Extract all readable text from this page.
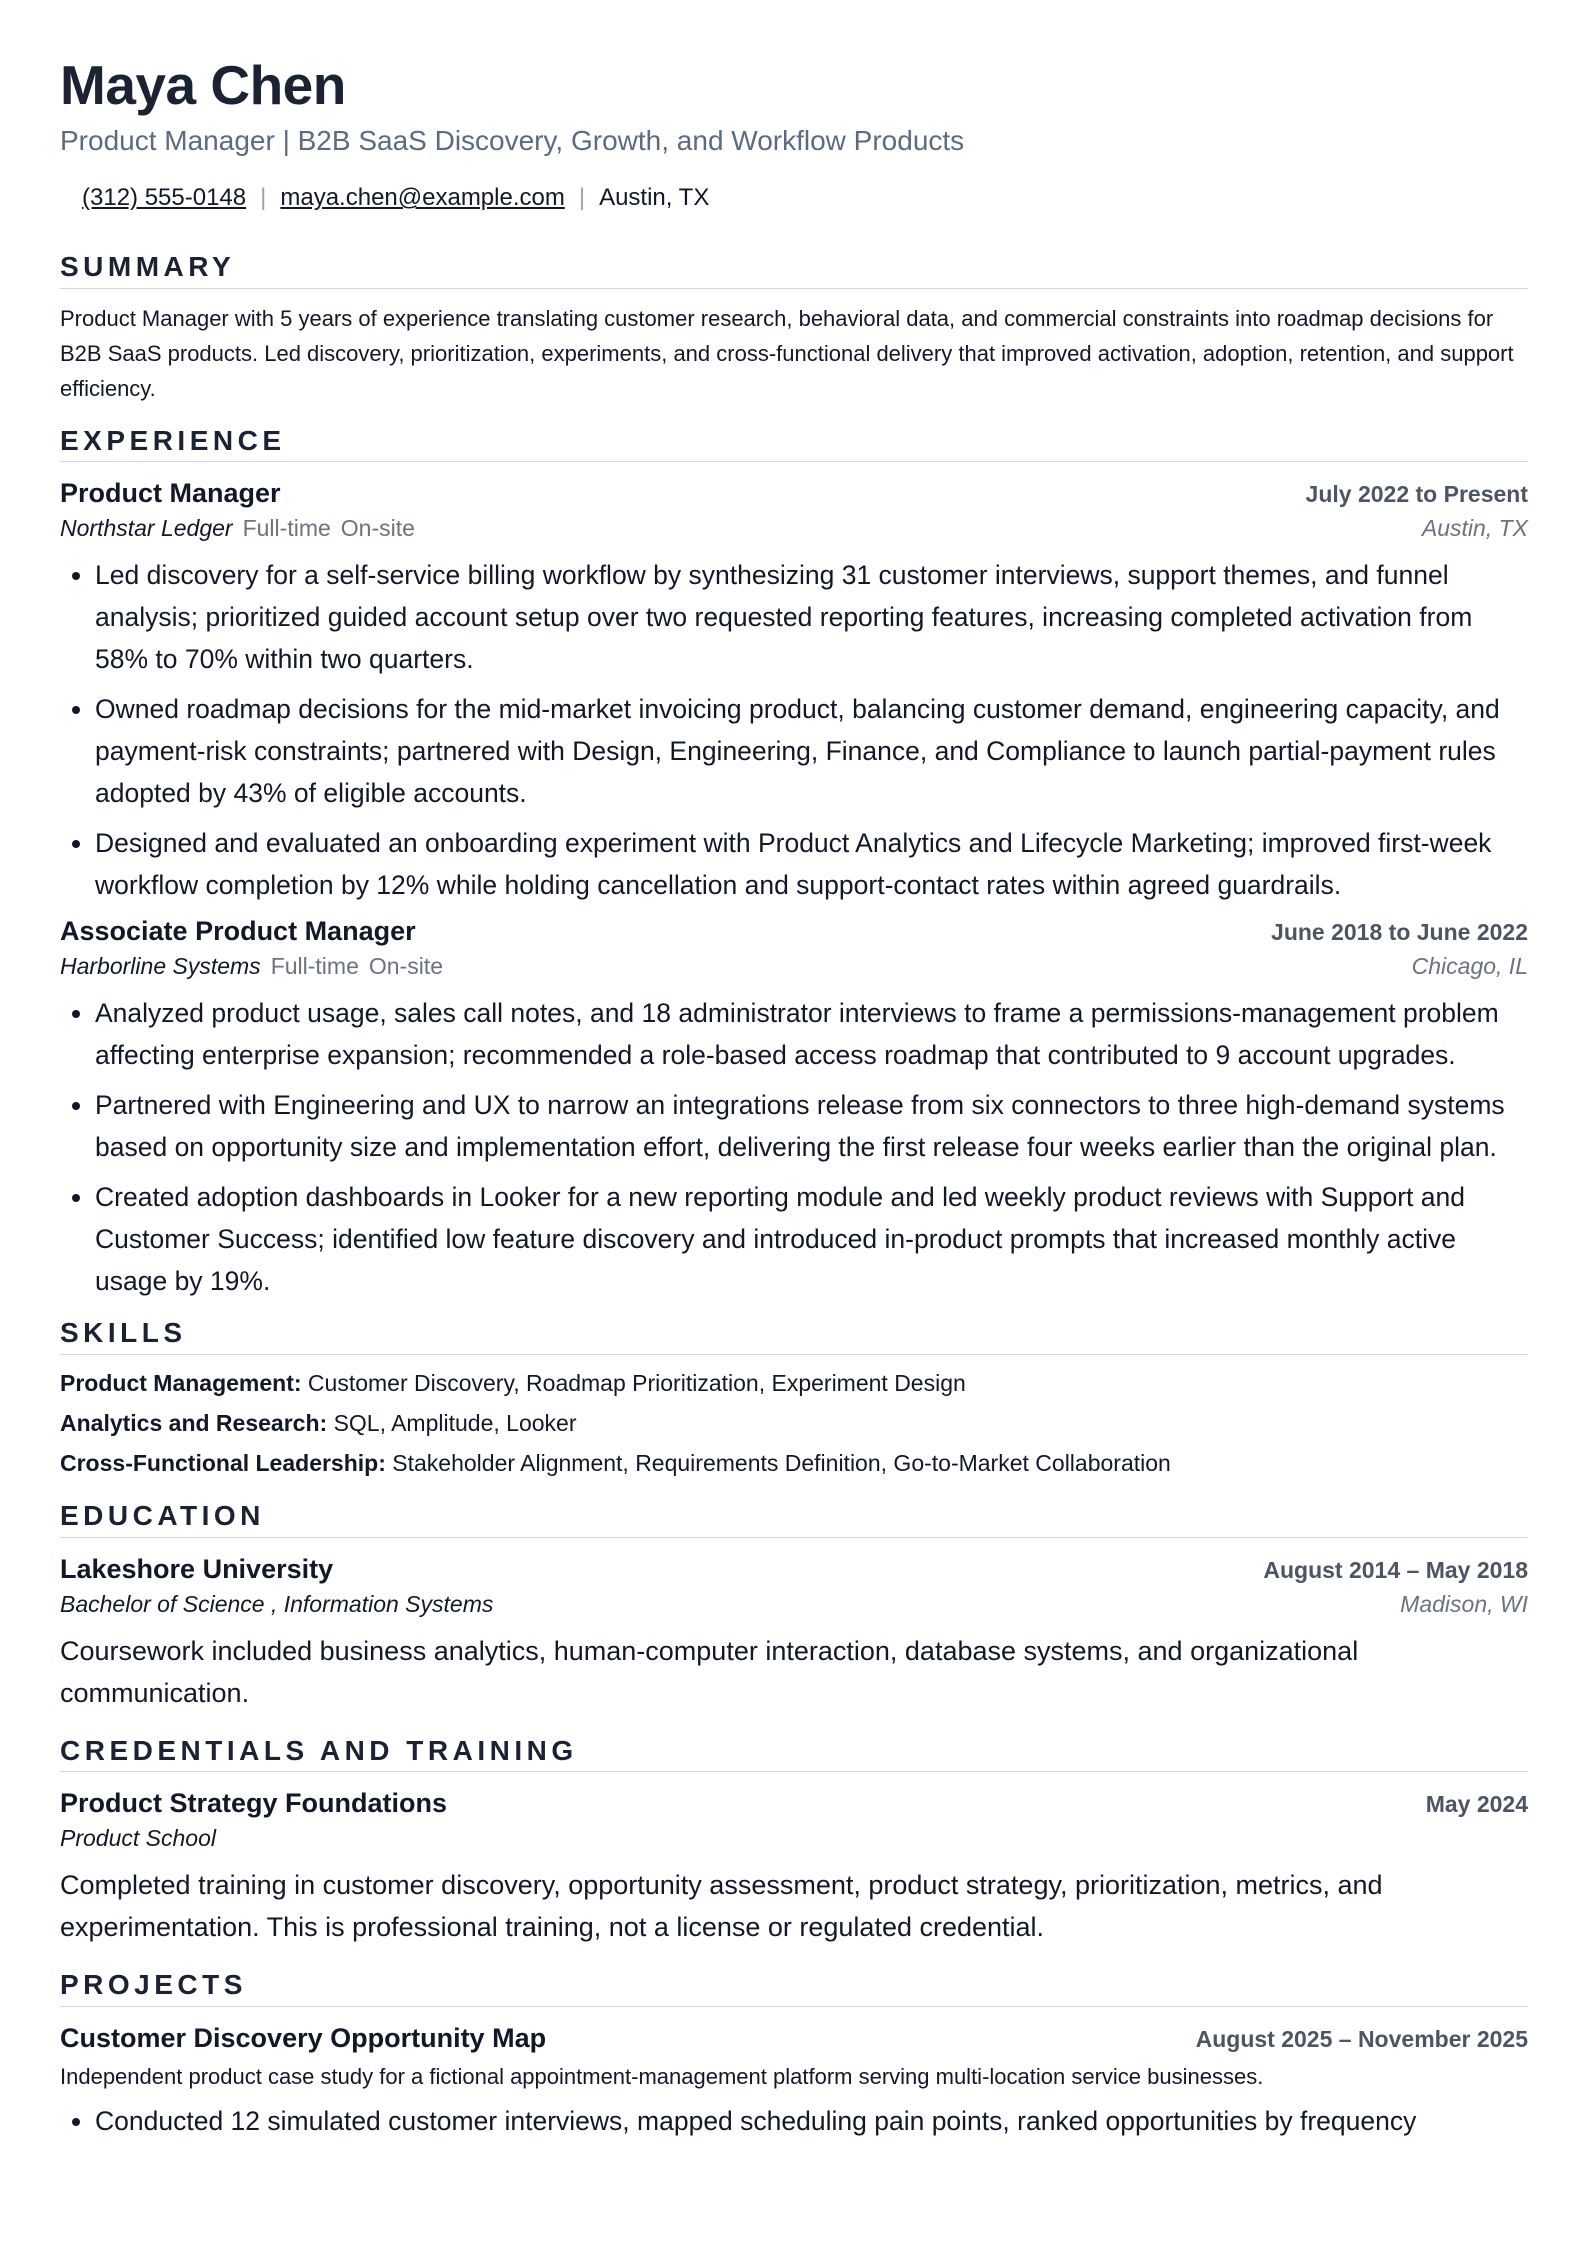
Maya Chen
Product Manager | B2B SaaS Discovery, Growth, and Workflow Products
(312) 555-0148 | maya.chen@example.com | Austin, TX
SUMMARY
Product Manager with 5 years of experience translating customer research, behavioral data, and commercial constraints into roadmap decisions for B2B SaaS products. Led discovery, prioritization, experiments, and cross-functional delivery that improved activation, adoption, retention, and support efficiency.
EXPERIENCE
Product Manager	July 2022 to Present
Northstar Ledger Full-time On-site	Austin, TX
• Led discovery for a self-service billing workflow by synthesizing 31 customer interviews, support themes, and funnel analysis; prioritized guided account setup over two requested reporting features, increasing completed activation from 58% to 70% within two quarters.
• Owned roadmap decisions for the mid-market invoicing product, balancing customer demand, engineering capacity, and payment-risk constraints; partnered with Design, Engineering, Finance, and Compliance to launch partial-payment rules adopted by 43% of eligible accounts.
• Designed and evaluated an onboarding experiment with Product Analytics and Lifecycle Marketing; improved first-week workflow completion by 12% while holding cancellation and support-contact rates within agreed guardrails.
Associate Product Manager	June 2018 to June 2022
Harborline Systems Full-time On-site	Chicago, IL
• Analyzed product usage, sales call notes, and 18 administrator interviews to frame a permissions-management problem affecting enterprise expansion; recommended a role-based access roadmap that contributed to 9 account upgrades.
• Partnered with Engineering and UX to narrow an integrations release from six connectors to three high-demand systems based on opportunity size and implementation effort, delivering the first release four weeks earlier than the original plan.
• Created adoption dashboards in Looker for a new reporting module and led weekly product reviews with Support and Customer Success; identified low feature discovery and introduced in-product prompts that increased monthly active usage by 19%.
SKILLS
Product Management: Customer Discovery, Roadmap Prioritization, Experiment Design
Analytics and Research: SQL, Amplitude, Looker
Cross-Functional Leadership: Stakeholder Alignment, Requirements Definition, Go-to-Market Collaboration
EDUCATION
Lakeshore University	August 2014 – May 2018
Bachelor of Science , Information Systems	Madison, WI
Coursework included business analytics, human-computer interaction, database systems, and organizational communication.
CREDENTIALS AND TRAINING
Product Strategy Foundations	May 2024
Product School
Completed training in customer discovery, opportunity assessment, product strategy, prioritization, metrics, and experimentation. This is professional training, not a license or regulated credential.
PROJECTS
Customer Discovery Opportunity Map	August 2025 – November 2025
Independent product case study for a fictional appointment-management platform serving multi-location service businesses.
• Conducted 12 simulated customer interviews, mapped scheduling pain points, ranked opportunities by frequency
